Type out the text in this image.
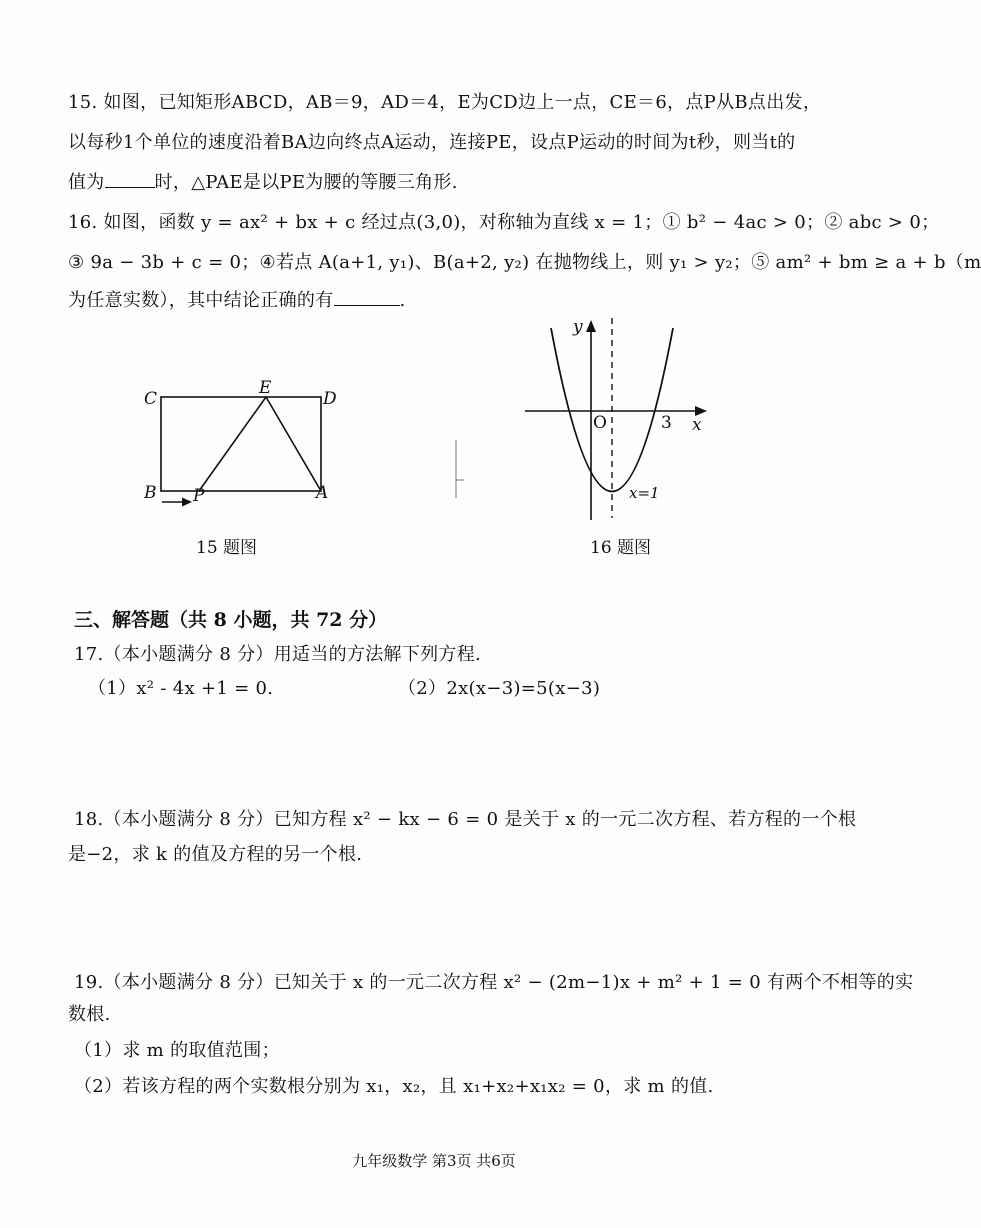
15. 如图，已知矩形ABCD，AB＝9，AD＝4，E为CD边上一点，CE＝6，点P从B点出发，
以每秒1个单位的速度沿着BA边向终点A运动，连接PE，设点P运动的时间为t秒，则当t的
值为	时，△PAE是以PE为腰的等腰三角形.
16. 如图，函数 y = ax² + bx + c 经过点(3,0)，对称轴为直线 x = 1；① b² − 4ac > 0；② abc > 0；
③ 9a − 3b + c = 0；④若点 A(a+1, y₁)、B(a+2, y₂) 在抛物线上，则 y₁ > y₂；⑤ am² + bm ≥ a + b（m
为任意实数），其中结论正确的有	.
C
E
D
B P	A
15 题图
y
O	3 x
x=1
16 题图
三、解答题（共 8 小题，共 72 分）
17.（本小题满分 8 分）用适当的方法解下列方程.
（1）x² - 4x +1 = 0.	（2）2x(x−3)=5(x−3)
18.（本小题满分 8 分）已知方程 x² − kx − 6 = 0 是关于 x 的一元二次方程、若方程的一个根
是−2，求 k 的值及方程的另一个根.
19.（本小题满分 8 分）已知关于 x 的一元二次方程 x² − (2m−1)x + m² + 1 = 0 有两个不相等的实
数根.
（1）求 m 的取值范围；
（2）若该方程的两个实数根分别为 x₁，x₂，且 x₁+x₂+x₁x₂ = 0，求 m 的值.
九年级数学 第3页 共6页
